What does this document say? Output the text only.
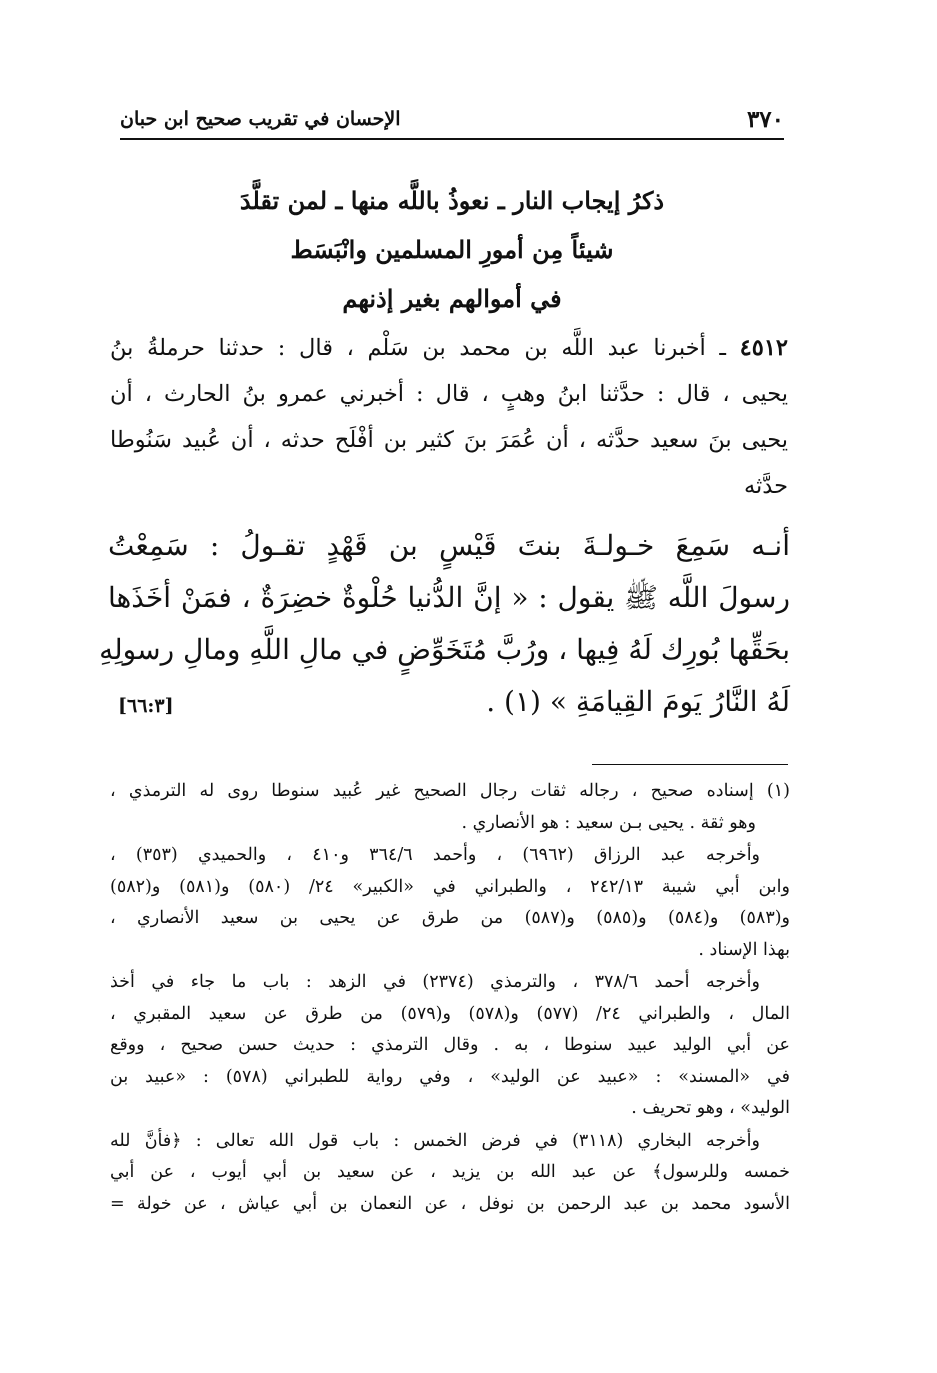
٣٧٠
الإحسان في تقريب صحيح ابن حبان
ذكرُ إيجاب النار ـ نعوذُ باللَّه منها ـ لمن تقلَّدَ
شيئاً مِن أمورِ المسلمين وانْبَسَط
في أموالهم بغير إذنهم
٤٥١٢ ـ أخبرنا عبد اللَّه بن محمد بن سَلْم ، قال : حدثنا حرملةُ بنُ
يحيى ، قال : حدَّثنا ابنُ وهبٍ ، قال : أخبرني عمرو بنُ الحارث ، أن
يحيى بنَ سعيد حدَّثه ، أن عُمَرَ بنَ كثير بن أفْلَح حدثه ، أن عُبيد سَنُوطا
حدَّثه
أنـه سَمِعَ خـولـةَ بنتَ قَيْسٍ بن قَهْدٍ تقـولُ : سَمِعْتُ
رسولَ اللَّه ﷺ يقول : « إنَّ الدُّنيا حُلْوةٌ خضِرَةٌ ، فمَنْ أخَذَها
بحَقِّها بُورِك لَهُ فِيها ، ورُبَّ مُتَخَوِّضٍ في مالِ اللَّهِ ومالِ رسولِهِ
لَهُ النَّارُ يَومَ القِيامَةِ » (١) .
[٦٦:٣]
(١) إسناده صحيح ، رجاله ثقات رجال الصحيح غير عُبيد سنوطا روى له الترمذي ،
وهو ثقة . يحيى بـن سعيد : هو الأنصاري .
وأخرجه عبد الرزاق (٦٩٦٢) ، وأحمد ٣٦٤/٦ و٤١٠ ، والحميدي (٣٥٣) ،
وابن أبي شيبة ٢٤٢/١٣ ، والطبراني في «الكبير» ٢٤/ (٥٨٠) و(٥٨١) و(٥٨٢)
و(٥٨٣) و(٥٨٤) و(٥٨٥) و(٥٨٧) من طرق عن يحيى بن سعيد الأنصاري ،
بهذا الإسناد .
وأخرجه أحمد ٣٧٨/٦ ، والترمذي (٢٣٧٤) في الزهد : باب ما جاء في أخذ
المال ، والطبراني ٢٤/ (٥٧٧) و(٥٧٨) و(٥٧٩) من طرق عن سعيد المقبري ،
عن أبي الوليد عبيد سنوطا ، به . وقال الترمذي : حديث حسن صحيح ، ووقع
في «المسند» : «عبيد عن الوليد» ، وفي رواية للطبراني (٥٧٨) : «عبيد بن
الوليد» ، وهو تحريف .
وأخرجه البخاري (٣١١٨) في فرض الخمس : باب قول الله تعالى : ﴿فأنَّ لله
خمسه وللرسول﴾ عن عبد الله بن يزيد ، عن سعيد بن أبي أيوب ، عن أبي
الأسود محمد بن عبد الرحمن بن نوفل ، عن النعمان بن أبي عياش ، عن خولة =
